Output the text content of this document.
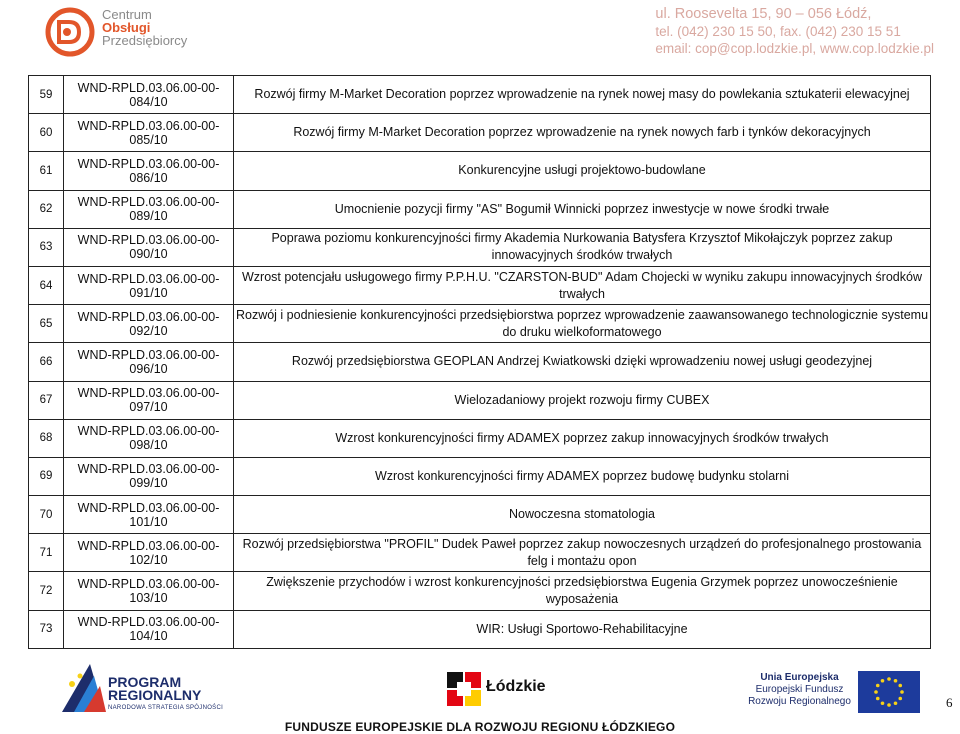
Centrum
Obsługi
Przedsiębiorcy
ul. Roosevelta 15, 90 – 056 Łódź,
tel. (042) 230 15 50, fax. (042) 230 15 51
email: cop@cop.lodzkie.pl, www.cop.lodzkie.pl
59	WND-RPLD.03.06.00-00-
084/10	Rozwój firmy M-Market Decoration poprzez wprowadzenie na rynek nowej masy do powlekania sztukaterii elewacyjnej
60	WND-RPLD.03.06.00-00-
085/10	Rozwój firmy M-Market Decoration poprzez wprowadzenie na rynek nowych farb i tynków dekoracyjnych
61	WND-RPLD.03.06.00-00-
086/10	Konkurencyjne usługi projektowo-budowlane
62	WND-RPLD.03.06.00-00-
089/10	Umocnienie pozycji firmy "AS" Bogumił Winnicki poprzez inwestycje w nowe środki trwałe
63	WND-RPLD.03.06.00-00-
090/10	Poprawa poziomu konkurencyjności firmy Akademia Nurkowania Batysfera Krzysztof Mikołajczyk poprzez zakup innowacyjnych środków trwałych
64	WND-RPLD.03.06.00-00-
091/10	Wzrost potencjału usługowego firmy P.P.H.U. "CZARSTON-BUD" Adam Chojecki w wyniku zakupu innowacyjnych środków trwałych
65	WND-RPLD.03.06.00-00-
092/10	Rozwój i podniesienie konkurencyjności przedsiębiorstwa poprzez wprowadzenie zaawansowanego technologicznie systemu do druku wielkoformatowego
66	WND-RPLD.03.06.00-00-
096/10	Rozwój przedsiębiorstwa GEOPLAN Andrzej Kwiatkowski dzięki wprowadzeniu nowej usługi geodezyjnej
67	WND-RPLD.03.06.00-00-
097/10	Wielozadaniowy projekt rozwoju firmy CUBEX
68	WND-RPLD.03.06.00-00-
098/10	Wzrost konkurencyjności firmy ADAMEX poprzez zakup innowacyjnych środków trwałych
69	WND-RPLD.03.06.00-00-
099/10	Wzrost konkurencyjności firmy ADAMEX poprzez budowę budynku stolarni
70	WND-RPLD.03.06.00-00-
101/10	Nowoczesna stomatologia
71	WND-RPLD.03.06.00-00-
102/10	Rozwój przedsiębiorstwa "PROFIL" Dudek Paweł poprzez zakup nowoczesnych urządzeń do profesjonalnego prostowania felg i montażu opon
72	WND-RPLD.03.06.00-00-
103/10	Zwiększenie przychodów i wzrost konkurencyjności przedsiębiorstwa Eugenia Grzymek poprzez unowocześnienie wyposażenia
73	WND-RPLD.03.06.00-00-
104/10	WIR: Usługi Sportowo-Rehabilitacyjne
PROGRAM
REGIONALNY
NARODOWA STRATEGIA SPÓJNOŚCI
Łódzkie
Unia Europejska
Europejski Fundusz
Rozwoju Regionalnego	6
FUNDUSZE EUROPEJSKIE DLA ROZWOJU REGIONU ŁÓDZKIEGO
